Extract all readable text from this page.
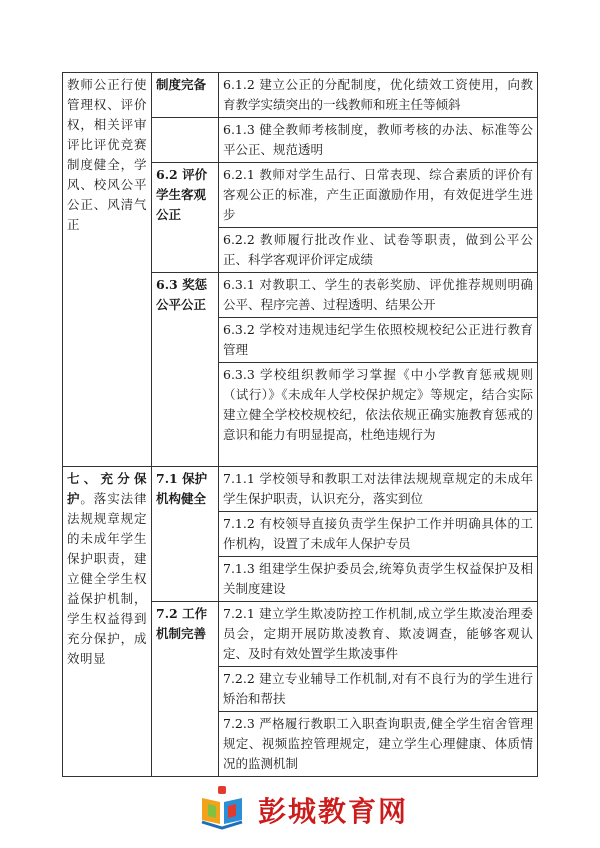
教师公正行使管理权、评价权，相关评审评比评优竞赛制度健全，学风、校风公平公正、风清气正	制度完备	6.1.2 建立公正的分配制度，优化绩效工资使用，向教育教学实绩突出的一线教师和班主任等倾斜
		6.1.3 健全教师考核制度，教师考核的办法、标准等公平公正、规范透明
	6.2 评价学生客观公正	6.2.1 教师对学生品行、日常表现、综合素质的评价有客观公正的标准，产生正面激励作用，有效促进学生进步
		6.2.2 教师履行批改作业、试卷等职责，做到公平公正、科学客观评价评定成绩
	6.3 奖惩公平公正	6.3.1 对教职工、学生的表彰奖励、评优推荐规则明确公平、程序完善、过程透明、结果公开
		6.3.2 学校对违规违纪学生依照校规校纪公正进行教育管理
		6.3.3 学校组织教师学习掌握《中小学教育惩戒规则（试行）》《未成年人学校保护规定》等规定，结合实际建立健全学校校规校纪，依法依规正确实施教育惩戒的意识和能力有明显提高，杜绝违规行为

七、充分保护。落实法律法规规章规定的未成年学生保护职责，建立健全学生权益保护机制，学生权益得到充分保护，成效明显	7.1 保护机构健全	7.1.1 学校领导和教职工对法律法规规章规定的未成年学生保护职责，认识充分，落实到位
		7.1.2 有校领导直接负责学生保护工作并明确具体的工作机构，设置了未成年人保护专员
		7.1.3 组建学生保护委员会,统筹负责学生权益保护及相关制度建设
	7.2 工作机制完善	7.2.1 建立学生欺凌防控工作机制,成立学生欺凌治理委员会，定期开展防欺凌教育、欺凌调查，能够客观认定、及时有效处置学生欺凌事件
		7.2.2 建立专业辅导工作机制,对有不良行为的学生进行矫治和帮扶
		7.2.3 严格履行教职工入职查询职责,健全学生宿舍管理规定、视频监控管理规定，建立学生心理健康、体质情况的监测机制
彭城教育网
